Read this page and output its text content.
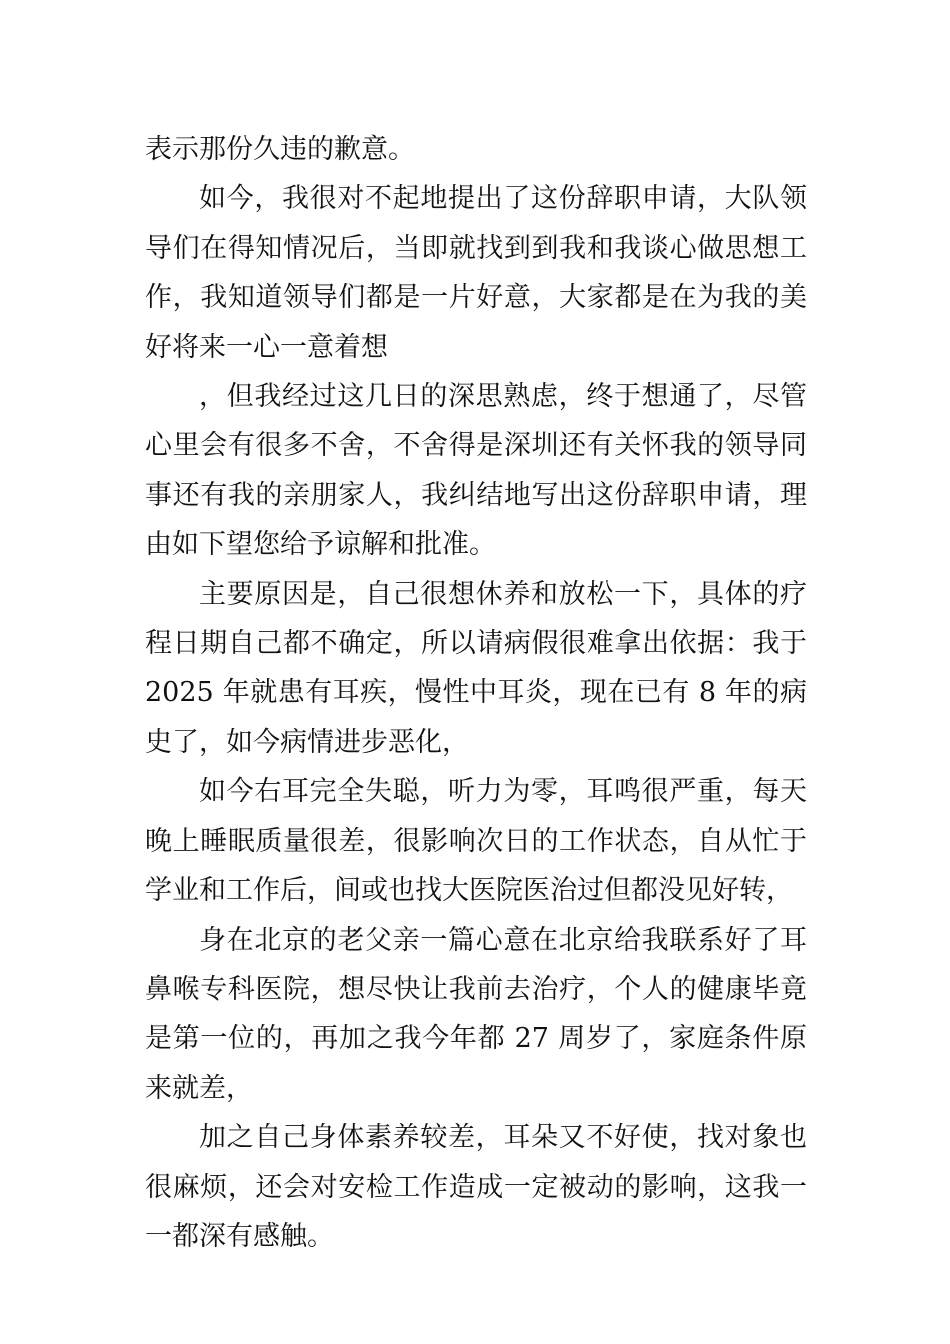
表示那份久违的歉意。

如今，我很对不起地提出了这份辞职申请，大队领导们在得知情况后，当即就找到到我和我谈心做思想工作，我知道领导们都是一片好意，大家都是在为我的美好将来一心一意着想

，但我经过这几日的深思熟虑，终于想通了，尽管心里会有很多不舍，不舍得是深圳还有关怀我的领导同事还有我的亲朋家人，我纠结地写出这份辞职申请，理由如下望您给予谅解和批准。

主要原因是，自己很想休养和放松一下，具体的疗程日期自己都不确定，所以请病假很难拿出依据：我于 2025 年就患有耳疾，慢性中耳炎，现在已有 8 年的病史了，如今病情进步恶化，

如今右耳完全失聪，听力为零，耳鸣很严重，每天晚上睡眠质量很差，很影响次日的工作状态，自从忙于学业和工作后，间或也找大医院医治过但都没见好转，

身在北京的老父亲一篇心意在北京给我联系好了耳鼻喉专科医院，想尽快让我前去治疗，个人的健康毕竟是第一位的，再加之我今年都 27 周岁了，家庭条件原来就差，

加之自己身体素养较差，耳朵又不好使，找对象也很麻烦，还会对安检工作造成一定被动的影响，这我一一都深有感触。
